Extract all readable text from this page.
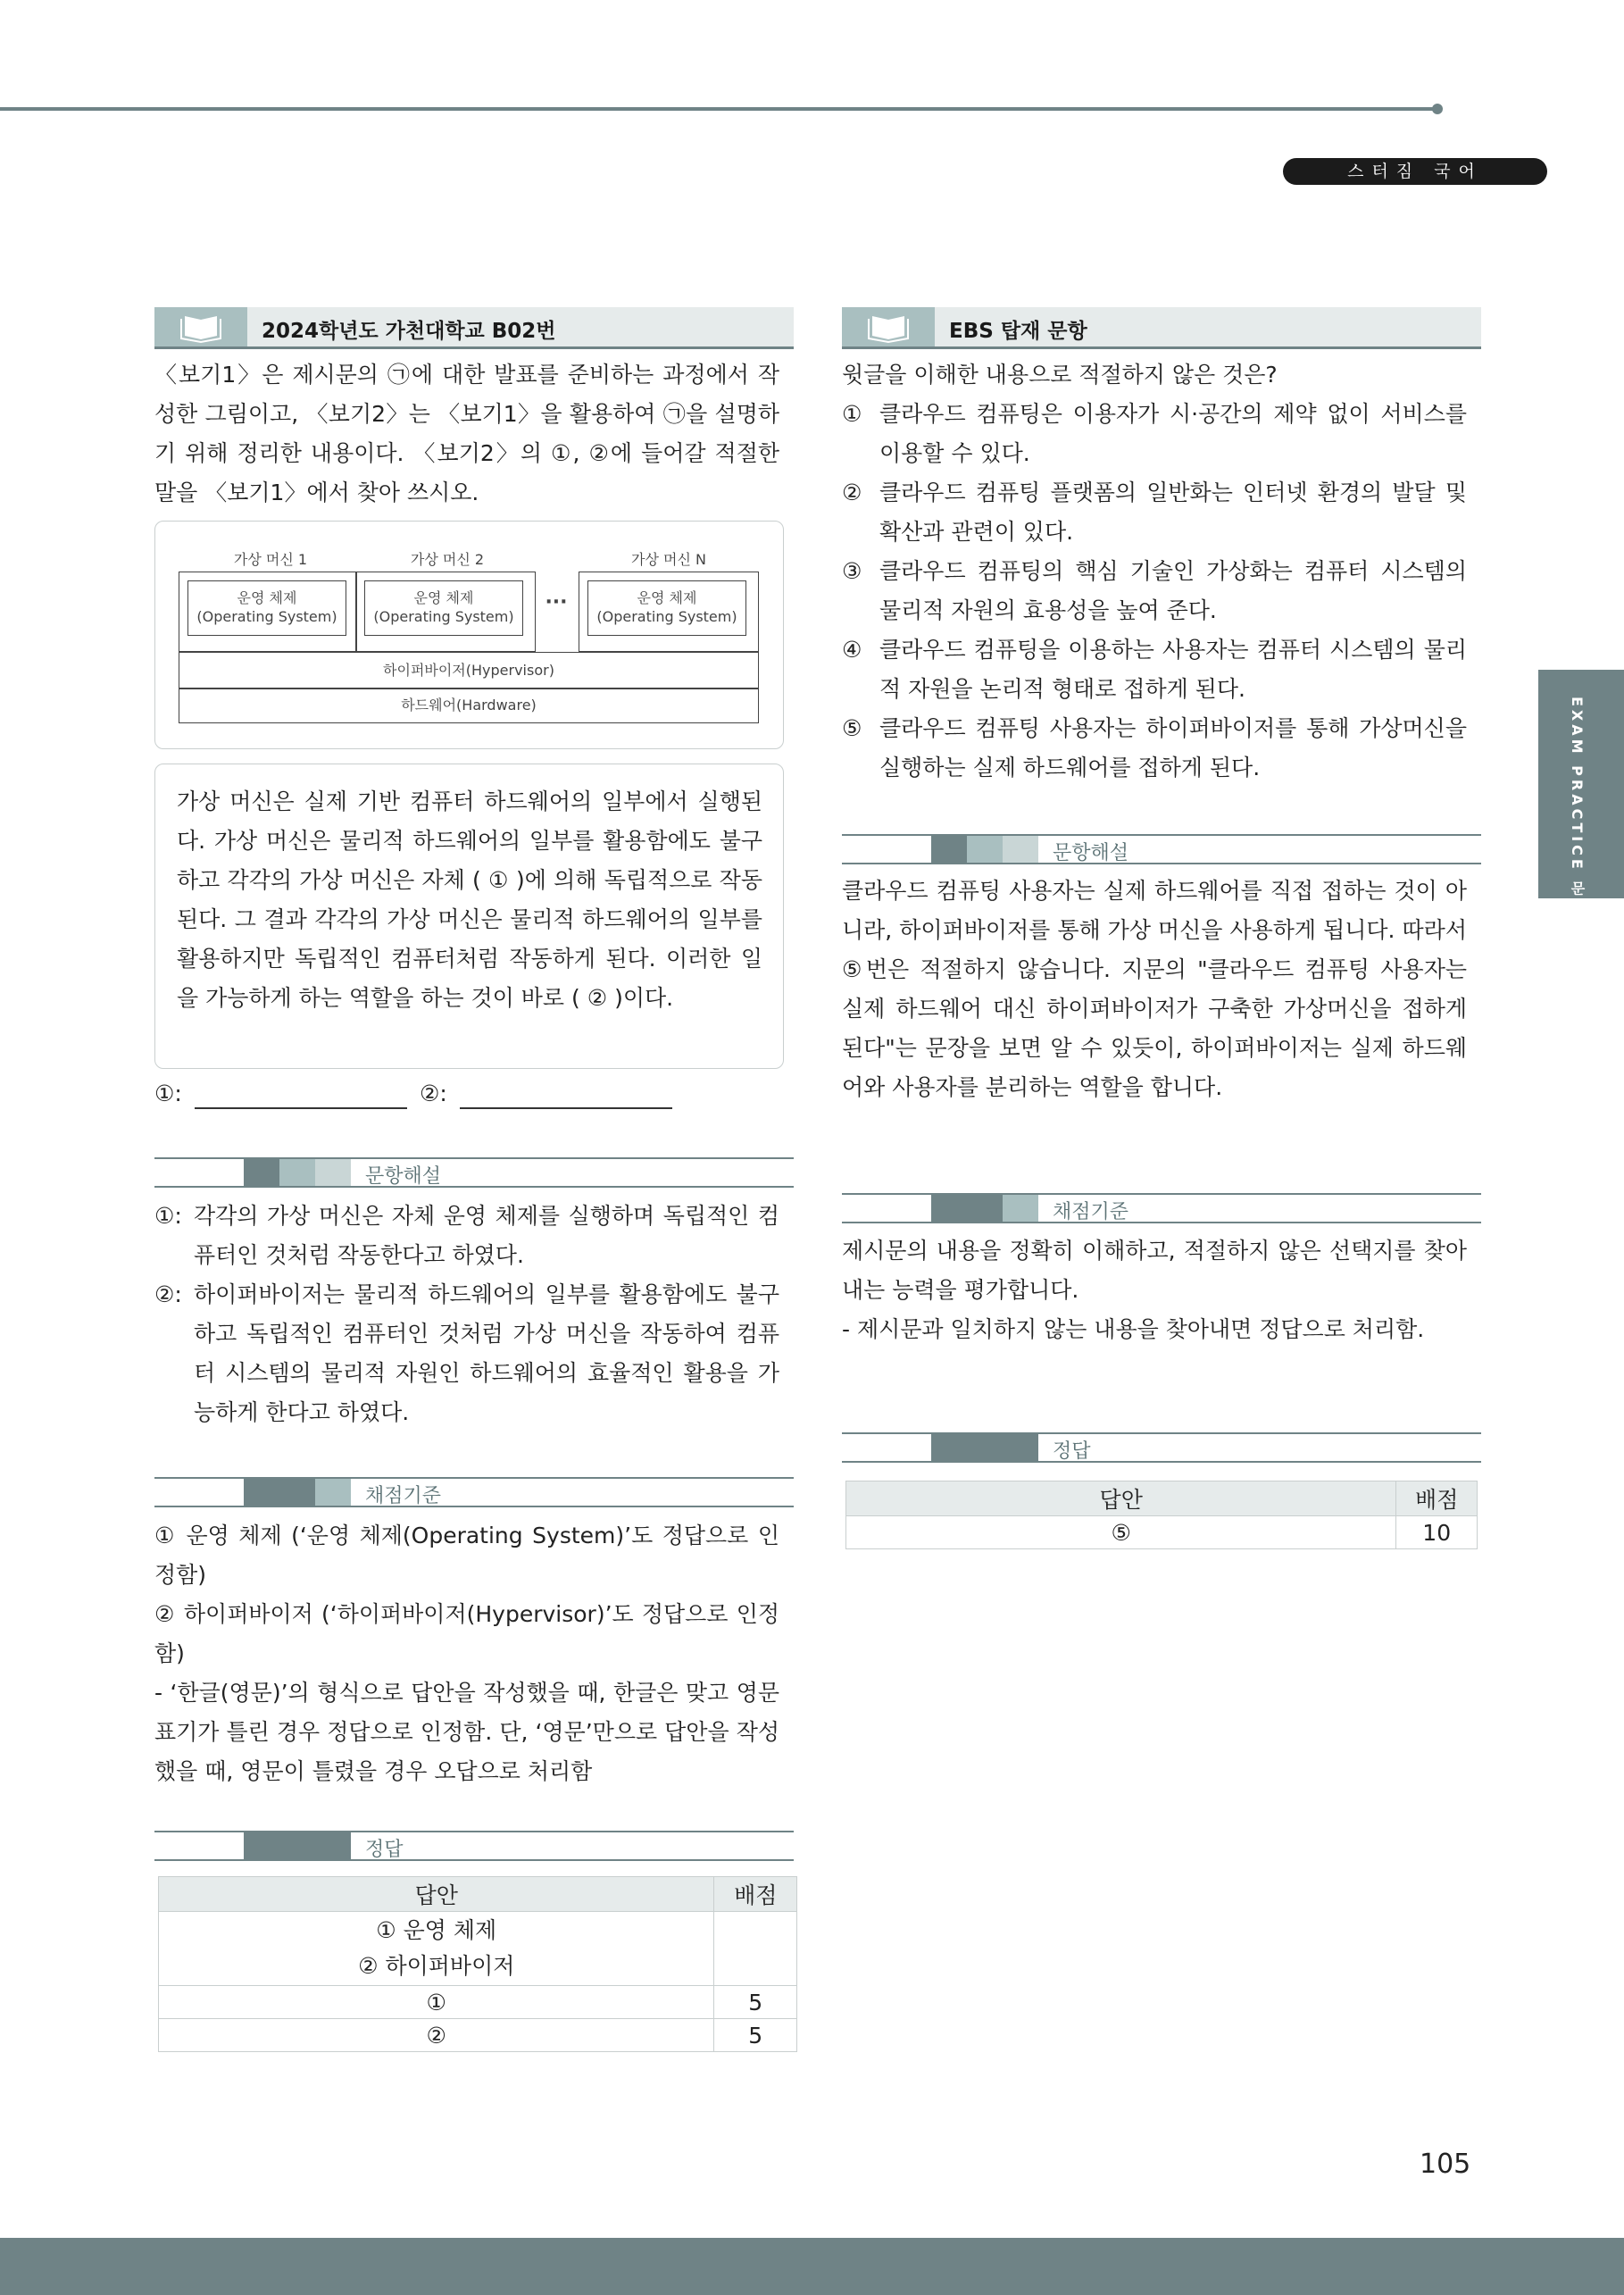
스터짐 국어
EXAM PRACTICE 문제
2024학년도 가천대학교 B02번

〈보기1〉은 제시문의 ㉠에 대한 발표를 준비하는 과정에서 작성한 그림이고, 〈보기2〉는 〈보기1〉을 활용하여 ㉠을 설명하기 위해 정리한 내용이다. 〈보기2〉의 ①, ②에 들어갈 적절한 말을 〈보기1〉에서 찾아 쓰시오.

가상 머신 1	가상 머신 2	가상 머신 N
운영 체제
(Operating System)
운영 체제
(Operating System)
···	운영 체제
(Operating System)
하이퍼바이저(Hypervisor)
하드웨어(Hardware)

가상 머신은 실제 기반 컴퓨터 하드웨어의 일부에서 실행된다. 가상 머신은 물리적 하드웨어의 일부를 활용함에도 불구하고 각각의 가상 머신은 자체 ( ① )에 의해 독립적으로 작동된다. 그 결과 각각의 가상 머신은 물리적 하드웨어의 일부를 활용하지만 독립적인 컴퓨터처럼 작동하게 된다. 이러한 일을 가능하게 하는 역할을 하는 것이 바로 ( ② )이다.

①:	②:
문항해설
①: 각각의 가상 머신은 자체 운영 체제를 실행하며 독립적인 컴퓨터인 것처럼 작동한다고 하였다.
②: 하이퍼바이저는 물리적 하드웨어의 일부를 활용함에도 불구하고 독립적인 컴퓨터인 것처럼 가상 머신을 작동하여 컴퓨터 시스템의 물리적 자원인 하드웨어의 효율적인 활용을 가능하게 한다고 하였다.
채점기준

① 운영 체제 (‘운영 체제(Operating System)’도 정답으로 인정함)

② 하이퍼바이저 (‘하이퍼바이저(Hypervisor)’도 정답으로 인정함)

- ‘한글(영문)’의 형식으로 답안을 작성했을 때, 한글은 맞고 영문 표기가 틀린 경우 정답으로 인정함. 단, ‘영문’만으로 답안을 작성했을 때, 영문이 틀렸을 경우 오답으로 처리함

정답
답안	배점

① 운영 체제
② 하이퍼바이저	

①	5
②	5
EBS 탑재 문항

윗글을 이해한 내용으로 적절하지 않은 것은?

① 클라우드 컴퓨팅은 이용자가 시·공간의 제약 없이 서비스를 이용할 수 있다.
② 클라우드 컴퓨팅 플랫폼의 일반화는 인터넷 환경의 발달 및 확산과 관련이 있다.
③ 클라우드 컴퓨팅의 핵심 기술인 가상화는 컴퓨터 시스템의 물리적 자원의 효용성을 높여 준다.
④ 클라우드 컴퓨팅을 이용하는 사용자는 컴퓨터 시스템의 물리적 자원을 논리적 형태로 접하게 된다.
⑤ 클라우드 컴퓨팅 사용자는 하이퍼바이저를 통해 가상머신을 실행하는 실제 하드웨어를 접하게 된다.
문항해설

클라우드 컴퓨팅 사용자는 실제 하드웨어를 직접 접하는 것이 아니라, 하이퍼바이저를 통해 가상 머신을 사용하게 됩니다. 따라서 ⑤번은 적절하지 않습니다. 지문의 "클라우드 컴퓨팅 사용자는 실제 하드웨어 대신 하이퍼바이저가 구축한 가상머신을 접하게 된다"는 문장을 보면 알 수 있듯이, 하이퍼바이저는 실제 하드웨어와 사용자를 분리하는 역할을 합니다.

채점기준

제시문의 내용을 정확히 이해하고, 적절하지 않은 선택지를 찾아내는 능력을 평가합니다.

- 제시문과 일치하지 않는 내용을 찾아내면 정답으로 처리함.

정답
답안	배점
⑤	10
105
